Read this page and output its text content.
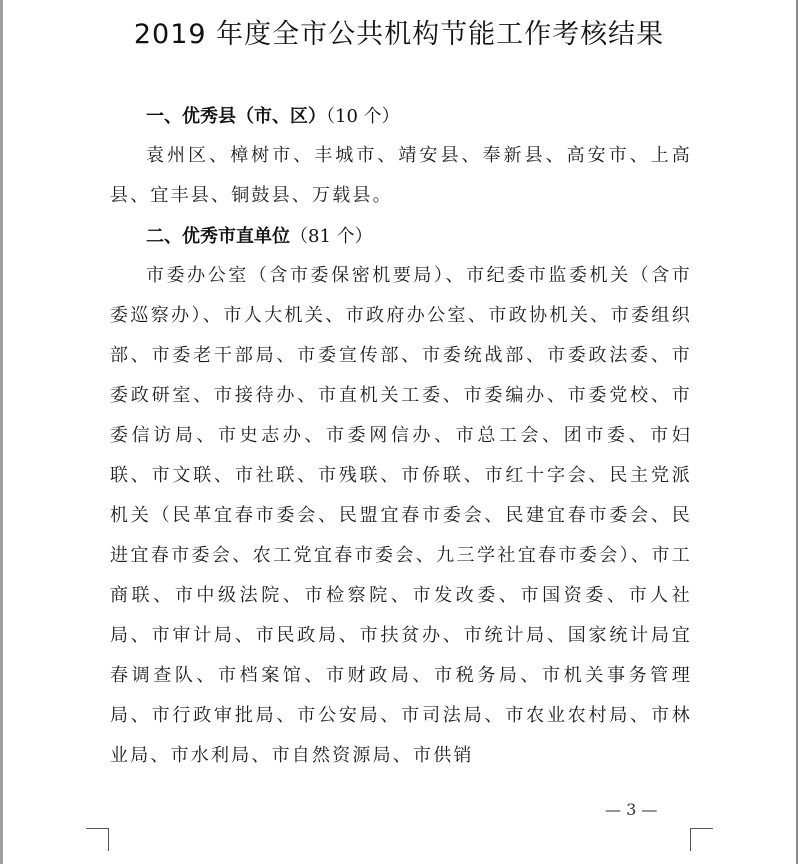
2019 年度全市公共机构节能工作考核结果
一、优秀县（市、区）（10 个）

袁州区、樟树市、丰城市、靖安县、奉新县、高安市、上高县、宜丰县、铜鼓县、万载县。

二、优秀市直单位（81 个）

市委办公室（含市委保密机要局）、市纪委市监委机关（含市委巡察办）、市人大机关、市政府办公室、市政协机关、市委组织部、市委老干部局、市委宣传部、市委统战部、市委政法委、市委政研室、市接待办、市直机关工委、市委编办、市委党校、市委信访局、市史志办、市委网信办、市总工会、团市委、市妇联、市文联、市社联、市残联、市侨联、市红十字会、民主党派机关（民革宜春市委会、民盟宜春市委会、民建宜春市委会、民进宜春市委会、农工党宜春市委会、九三学社宜春市委会）、市工商联、市中级法院、市检察院、市发改委、市国资委、市人社局、市审计局、市民政局、市扶贫办、市统计局、国家统计局宜春调查队、市档案馆、市财政局、市税务局、市机关事务管理局、市行政审批局、市公安局、市司法局、市农业农村局、市林业局、市水利局、市自然资源局、市供销

— 3 —
